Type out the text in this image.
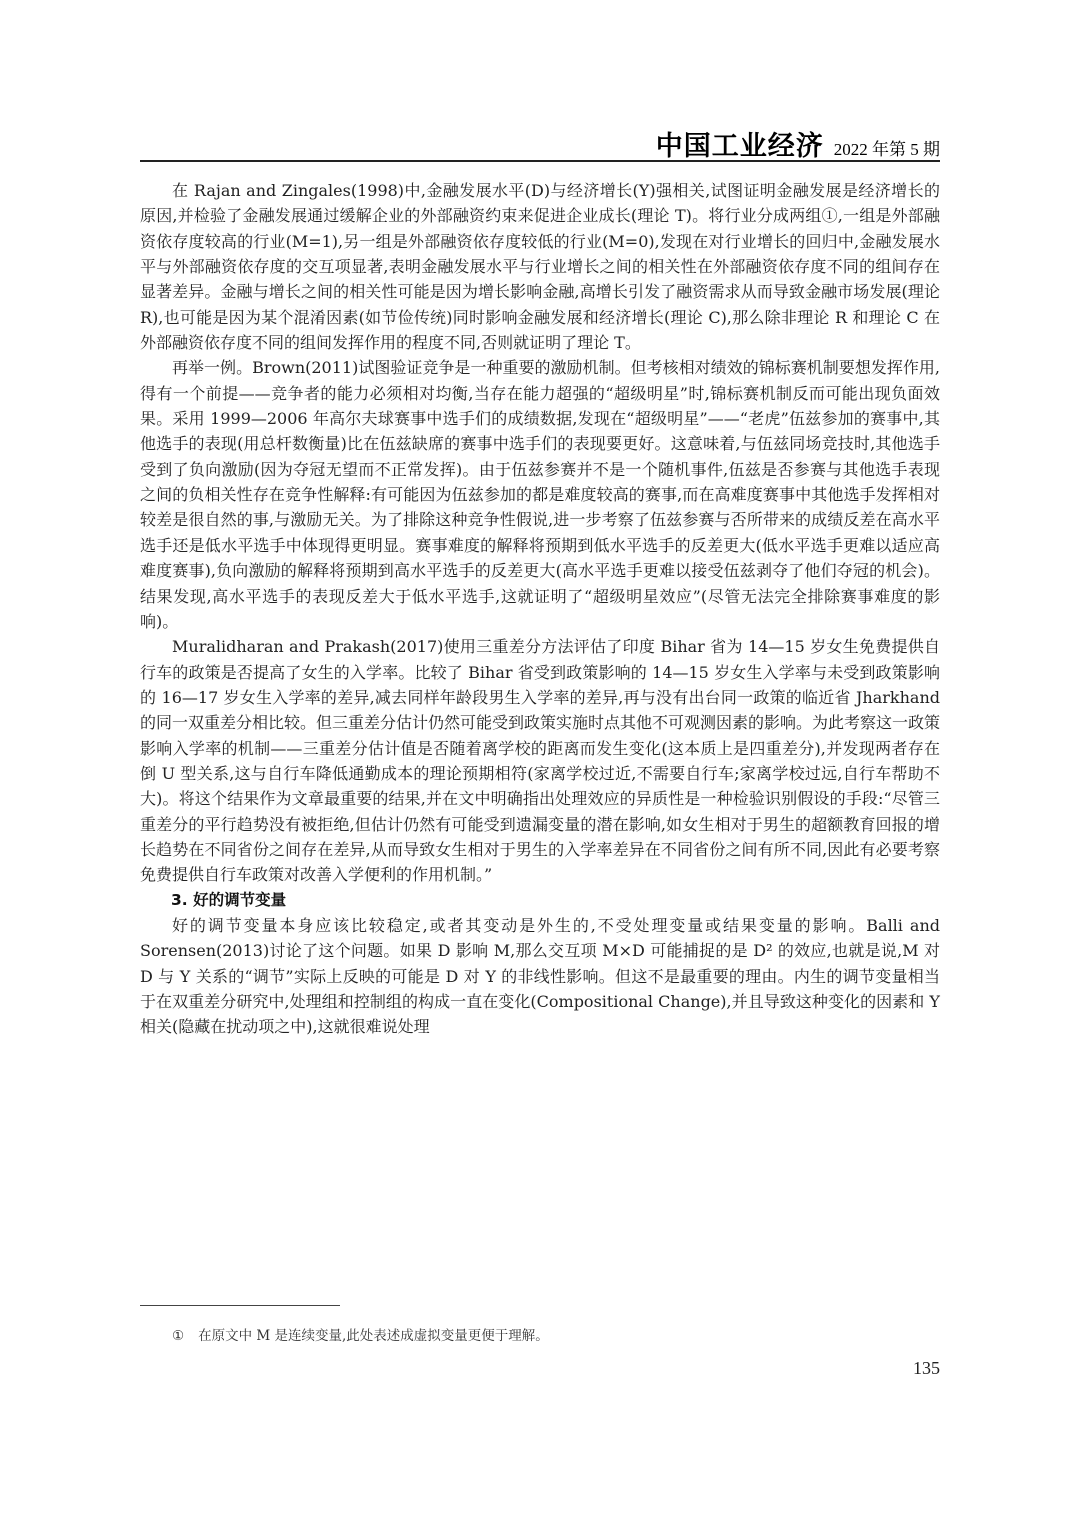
中国工业经济 2022 年第 5 期

在 Rajan and Zingales(1998)中,金融发展水平(D)与经济增长(Y)强相关,试图证明金融发展是经济增长的原因,并检验了金融发展通过缓解企业的外部融资约束来促进企业成长(理论 T)。将行业分成两组①,一组是外部融资依存度较高的行业(M=1),另一组是外部融资依存度较低的行业(M=0),发现在对行业增长的回归中,金融发展水平与外部融资依存度的交互项显著,表明金融发展水平与行业增长之间的相关性在外部融资依存度不同的组间存在显著差异。金融与增长之间的相关性可能是因为增长影响金融,高增长引发了融资需求从而导致金融市场发展(理论 R),也可能是因为某个混淆因素(如节俭传统)同时影响金融发展和经济增长(理论 C),那么除非理论 R 和理论 C 在外部融资依存度不同的组间发挥作用的程度不同,否则就证明了理论 T。

再举一例。Brown(2011)试图验证竞争是一种重要的激励机制。但考核相对绩效的锦标赛机制要想发挥作用,得有一个前提——竞争者的能力必须相对均衡,当存在能力超强的“超级明星”时,锦标赛机制反而可能出现负面效果。采用 1999—2006 年高尔夫球赛事中选手们的成绩数据,发现在“超级明星”——“老虎”伍兹参加的赛事中,其他选手的表现(用总杆数衡量)比在伍兹缺席的赛事中选手们的表现要更好。这意味着,与伍兹同场竞技时,其他选手受到了负向激励(因为夺冠无望而不正常发挥)。由于伍兹参赛并不是一个随机事件,伍兹是否参赛与其他选手表现之间的负相关性存在竞争性解释:有可能因为伍兹参加的都是难度较高的赛事,而在高难度赛事中其他选手发挥相对较差是很自然的事,与激励无关。为了排除这种竞争性假说,进一步考察了伍兹参赛与否所带来的成绩反差在高水平选手还是低水平选手中体现得更明显。赛事难度的解释将预期到低水平选手的反差更大(低水平选手更难以适应高难度赛事),负向激励的解释将预期到高水平选手的反差更大(高水平选手更难以接受伍兹剥夺了他们夺冠的机会)。结果发现,高水平选手的表现反差大于低水平选手,这就证明了“超级明星效应”(尽管无法完全排除赛事难度的影响)。

Muralidharan and Prakash(2017)使用三重差分方法评估了印度 Bihar 省为 14—15 岁女生免费提供自行车的政策是否提高了女生的入学率。比较了 Bihar 省受到政策影响的 14—15 岁女生入学率与未受到政策影响的 16—17 岁女生入学率的差异,减去同样年龄段男生入学率的差异,再与没有出台同一政策的临近省 Jharkhand 的同一双重差分相比较。但三重差分估计仍然可能受到政策实施时点其他不可观测因素的影响。为此考察这一政策影响入学率的机制——三重差分估计值是否随着离学校的距离而发生变化(这本质上是四重差分),并发现两者存在倒 U 型关系,这与自行车降低通勤成本的理论预期相符(家离学校过近,不需要自行车;家离学校过远,自行车帮助不大)。将这个结果作为文章最重要的结果,并在文中明确指出处理效应的异质性是一种检验识别假设的手段:“尽管三重差分的平行趋势没有被拒绝,但估计仍然有可能受到遗漏变量的潜在影响,如女生相对于男生的超额教育回报的增长趋势在不同省份之间存在差异,从而导致女生相对于男生的入学率差异在不同省份之间有所不同,因此有必要考察免费提供自行车政策对改善入学便利的作用机制。”

3. 好的调节变量

好的调节变量本身应该比较稳定,或者其变动是外生的,不受处理变量或结果变量的影响。Balli and Sorensen(2013)讨论了这个问题。如果 D 影响 M,那么交互项 M×D 可能捕捉的是 D² 的效应,也就是说,M 对 D 与 Y 关系的“调节”实际上反映的可能是 D 对 Y 的非线性影响。但这不是最重要的理由。内生的调节变量相当于在双重差分研究中,处理组和控制组的构成一直在变化(Compositional Change),并且导致这种变化的因素和 Y 相关(隐藏在扰动项之中),这就很难说处理

① 在原文中 M 是连续变量,此处表述成虚拟变量更便于理解。
135
